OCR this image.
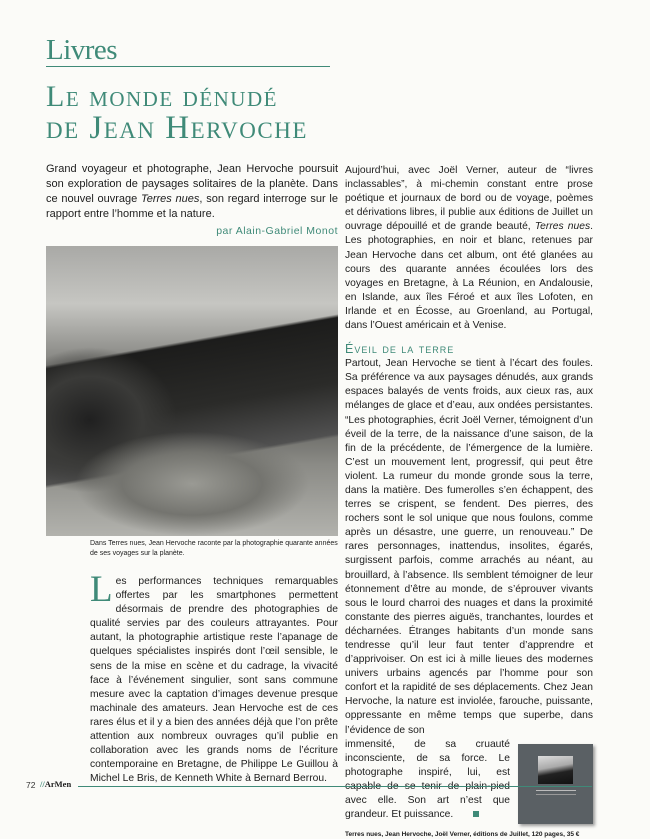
Livres
Le monde dénudé
de Jean Hervoche
Grand voyageur et photographe, Jean Hervoche poursuit son exploration de paysages solitaires de la planète. Dans ce nouvel ouvrage Terres nues, son regard interroge sur le rapport entre l’homme et la nature.
par Alain-Gabriel Monot
Dans Terres nues, Jean Hervoche raconte par la photographie quarante années de ses voyages sur la planète.
Les performances techniques remarquables offertes par les smartphones permettent désormais de prendre des photographies de qualité servies par des couleurs attrayantes. Pour autant, la photographie artistique reste l’apanage de quelques spécialistes inspirés dont l’œil sensible, le sens de la mise en scène et du cadrage, la vivacité face à l’événement singulier, sont sans commune mesure avec la captation d’images devenue presque machinale des amateurs. Jean Hervoche est de ces rares élus et il y a bien des années déjà que l’on prête attention aux nombreux ouvrages qu’il publie en collaboration avec les grands noms de l’écriture contemporaine en Bretagne, de Philippe Le Guillou à Michel Le Bris, de Kenneth White à Bernard Berrou.

Aujourd’hui, avec Joël Verner, auteur de “livres inclassables”, à mi-chemin constant entre prose poétique et journaux de bord ou de voyage, poèmes et dérivations libres, il publie aux éditions de Juillet un ouvrage dépouillé et de grande beauté, Terres nues. Les photographies, en noir et blanc, retenues par Jean Hervoche dans cet album, ont été glanées au cours des quarante années écoulées lors des voyages en Bretagne, à La Réunion, en Andalousie, en Islande, aux îles Féroé et aux îles Lofoten, en Irlande et en Écosse, au Groenland, au Portugal, dans l’Ouest américain et à Venise.

Éveil de la terre

Partout, Jean Hervoche se tient à l’écart des foules. Sa préférence va aux paysages dénudés, aux grands espaces balayés de vents froids, aux cieux ras, aux mélanges de glace et d’eau, aux ondées persistantes. “Les photographies, écrit Joël Verner, témoignent d’un éveil de la terre, de la naissance d’une saison, de la fin de la précédente, de l’émergence de la lumière. C’est un mouvement lent, progressif, qui peut être violent. La rumeur du monde gronde sous la terre, dans la matière. Des fumerolles s’en échappent, des terres se crispent, se fendent. Des pierres, des rochers sont le sol unique que nous foulons, comme après un désastre, une guerre, un renouveau.” De rares personnages, inattendus, insolites, égarés, surgissent parfois, comme arrachés au néant, au brouillard, à l’absence. Ils semblent témoigner de leur étonnement d’être au monde, de s’éprouver vivants sous le lourd charroi des nuages et dans la proximité constante des pierres aiguës, tranchantes, lourdes et décharnées. Étranges habitants d’un monde sans tendresse qu’il leur faut tenter d’apprendre et d’apprivoiser. On est ici à mille lieues des modernes univers urbains agencés par l’homme pour son confort et la rapidité de ses déplacements. Chez Jean Hervoche, la nature est inviolée, farouche, puissante, oppressante en même temps que superbe, dans l’évidence de son

immensité, de sa cruauté inconsciente, de sa force. Le photographe inspiré, lui, est avec elle. Son art n’est que grandeur. Et puissance.

Terres nues, Jean Hervoche, Joël Verner, éditions de Juillet, 120 pages, 35 €
72 //ArMen
